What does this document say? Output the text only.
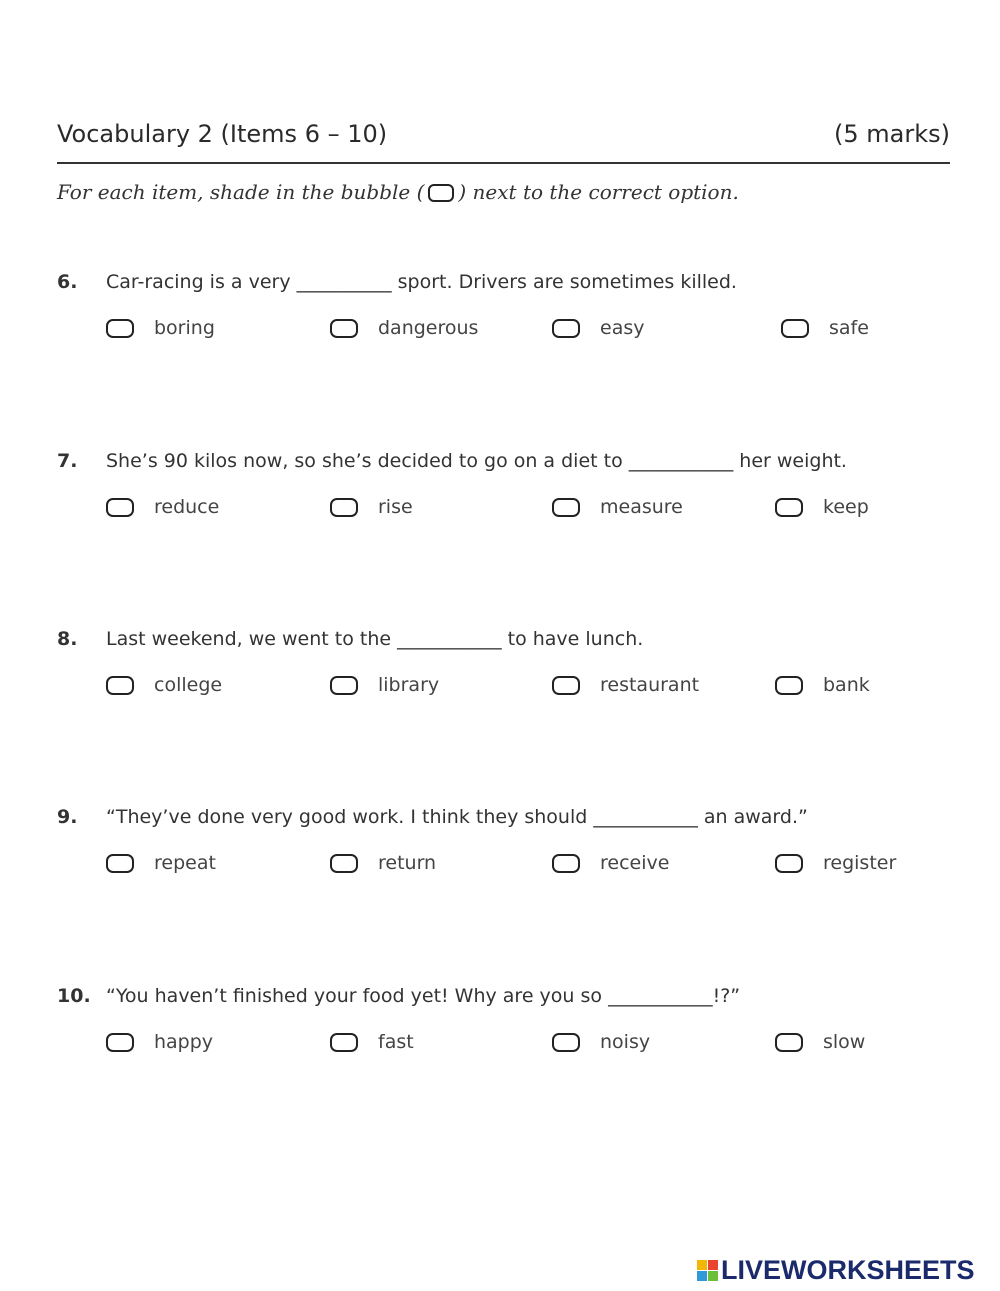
Vocabulary 2 (Items 6 – 10)	(5 marks)
For each item, shade in the bubble ( ) next to the correct option.
6.	Car-racing is a very __________ sport. Drivers are sometimes killed.
boring	dangerous	easy	safe
7.	She’s 90 kilos now, so she’s decided to go on a diet to ___________ her weight.
reduce	rise	measure	keep
8.	Last weekend, we went to the ___________ to have lunch.
college	library	restaurant	bank
9.	“They’ve done very good work. I think they should ___________ an award.”
repeat	return	receive	register
10. “You haven’t finished your food yet! Why are you so ___________!?”
happy	fast	noisy	slow
LIVEWORKSHEETS
